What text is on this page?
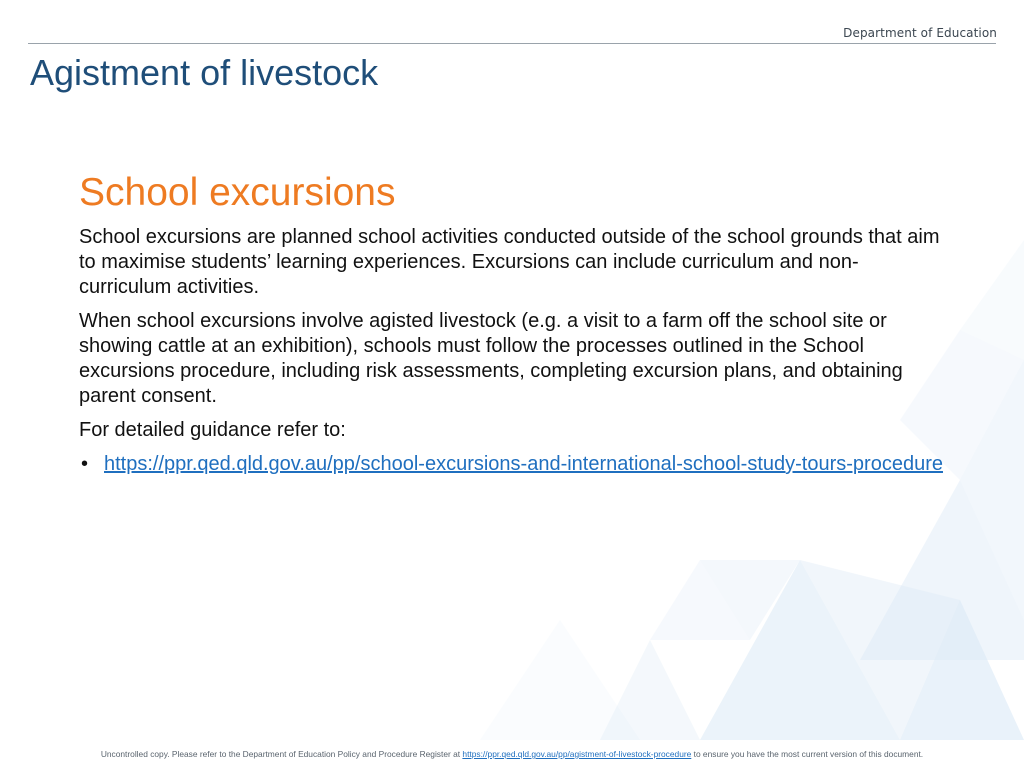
Department of Education
Agistment of livestock
School excursions

School excursions are planned school activities conducted outside of the school grounds that aim to maximise students’ learning experiences. Excursions can include curriculum and non-curriculum activities.

When school excursions involve agisted livestock (e.g. a visit to a farm off the school site or showing cattle at an exhibition), schools must follow the processes outlined in the School excursions procedure, including risk assessments, completing excursion plans, and obtaining parent consent.

For detailed guidance refer to:

• https://ppr.qed.qld.gov.au/pp/school-excursions-and-international-school-study-tours-procedure
Uncontrolled copy. Please refer to the Department of Education Policy and Procedure Register at https://ppr.qed.qld.gov.au/pp/agistment-of-livestock-procedure to ensure you have the most current version of this document.
